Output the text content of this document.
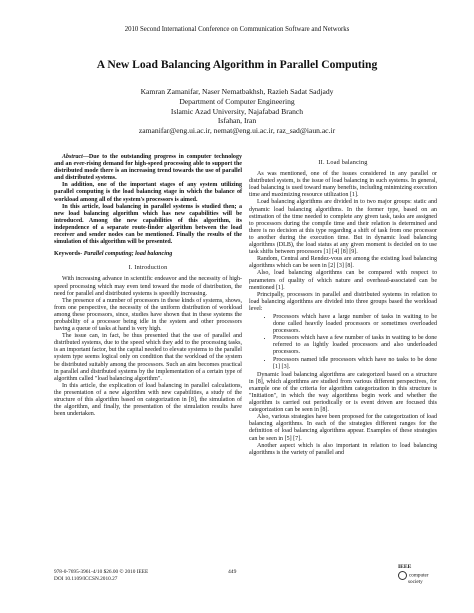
2010 Second International Conference on Communication Software and Networks
A New Load Balancing Algorithm in Parallel Computing
Kamran Zamanifar, Naser Nematbakhsh, Razieh Sadat Sadjady
Department of Computer Engineering
Islamic Azad University, Najafabad Branch
Isfahan, Iran
zamanifar@eng.ui.ac.ir, nemat@eng.ui.ac.ir, raz_sad@iaun.ac.ir

Abstract—Due to the outstanding progress in computer technology and an ever-rising demand for high-speed processing able to support the distributed mode there is an increasing trend towards the use of parallel and distributed systems.

In addition, one of the important stages of any system utilizing parallel computing is the load balancing stage in which the balance of workload among all of the system's processors is aimed.

In this article, load balancing in parallel systems is studied then; a new load balancing algorithm which has new capabilities will be introduced. Among the new capabilities of this algorithm, its independence of a separate route-finder algorithm between the load receiver and sender nodes can be mentioned. Finally the results of the simulation of this algorithm will be presented.

Keywords- Parallel computing; load balancing

I. Introduction

With increasing advance in scientific endeavor and the necessity of high-speed processing which may even tend toward the mode of distribution, the need for parallel and distributed systems is speedily increasing.

The presence of a number of processors in these kinds of systems, shows, from one perspective, the necessity of the uniform distribution of workload among these processors, since, studies have shown that in these systems the probability of a processor being idle in the system and other processors having a queue of tasks at hand is very high.

The issue can, in fact, be thus presented that the use of parallel and distributed systems, due to the speed which they add to the processing tasks, is an important factor, but the capital needed to elevate systems to the parallel system type seems logical only on condition that the workload of the system be distributed suitably among the processors. Such an aim becomes practical in parallel and distributed systems by the implementation of a certain type of algorithm called "load balancing algorithm".

In this article, the explication of load balancing in parallel calculations, the presentation of a new algorithm with new capabilities, a study of the structure of this algorithm based on categorization in [8], the simulation of the algorithm, and finally, the presentation of the simulation results have been undertaken.

II. Load balancing

As was mentioned, one of the issues considered in any parallel or distributed system, is the issue of load balancing in such systems. In general, load balancing is used toward many benefits, including minimizing execution time and maximizing resource utilization [1].

Load balancing algorithms are divided in to two major groups: static and dynamic load balancing algorithms. In the former type, based on an estimation of the time needed to complete any given task, tasks are assigned to processors during the compile time and their relation is determined and there is no decision at this type regarding a shift of task from one processor to another during the execution time. But in dynamic load balancing algorithms (DLB), the load status at any given moment is decided on to use task shifts between processors [1] [4] [8] [9].

Random, Central and Rendez-vous are among the existing load balancing algorithms which can be seen in [2] [3] [8].

Also, load balancing algorithms can be compared with respect to parameters of quality of which nature and overhead-associated can be mentioned [1].

Principally, processors in parallel and distributed systems in relation to load balancing algorithms are divided into three groups based the workload level:

• Processors which have a large number of tasks in waiting to be done called heavily loaded processors or sometimes overloaded processors.
• Processors which have a few number of tasks in waiting to be done referred to as lightly loaded processors and also underloaded processors.
• Processors named idle processors which have no tasks to be done [1] [3].

Dynamic load balancing algorithms are categorized based on a structure in [8], which algorithms are studied from various different perspectives, for example one of the criteria for algorithm categorization in this structure is "Initiation", in which the way algorithms begin work and whether the algorithm is carried out periodically or is event driven are focused this categorization can be seen in [8].

Also, various strategies have been proposed for the categorization of load balancing algorithms. In each of the strategies different ranges for the definition of load balancing algorithms appear. Examples of these strategies can be seen in [5] [7].

Another aspect which is also important in relation to load balancing algorithms is the variety of parallel and

978-0-7695-3961-4/10 $26.00 © 2010 IEEE
DOI 10.1109/ICCSN.2010.27
449
IEEE
computer
society
